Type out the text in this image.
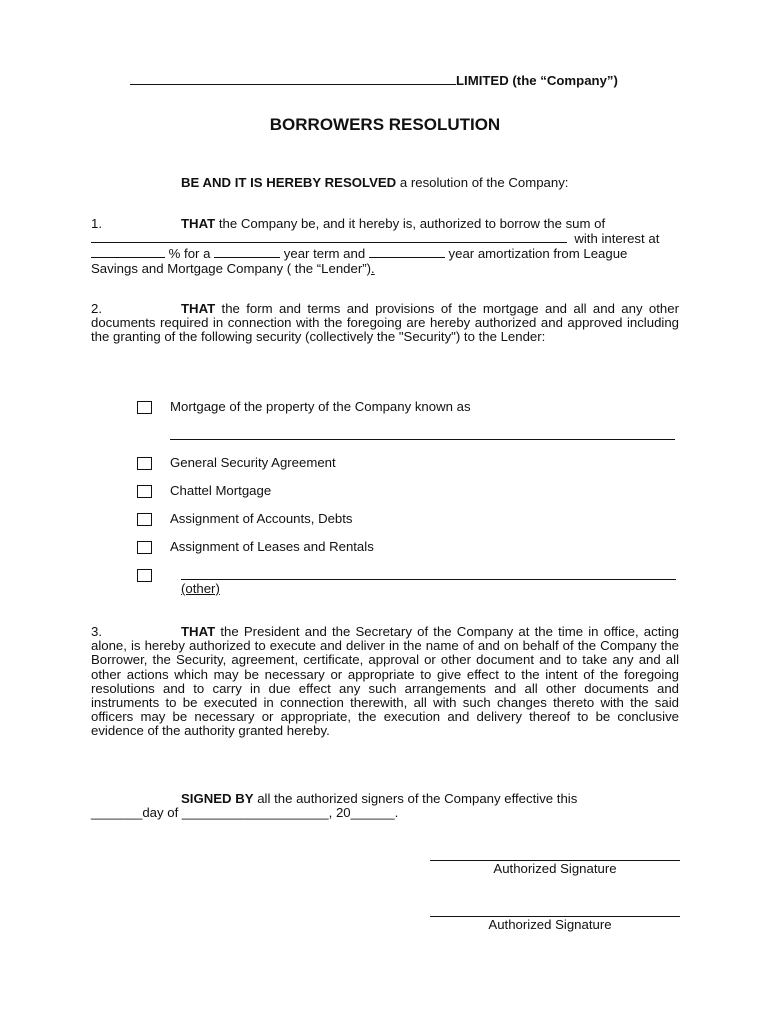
LIMITED (the “Company”)
BORROWERS RESOLUTION
BE AND IT IS HEREBY RESOLVED a resolution of the Company:
1.	THAT the Company be, and it hereby is, authorized to borrow the sum of
with interest at
% for a	year term and	year amortization from League
Savings and Mortgage Company ( the “Lender”).
2.	THAT the form and terms and provisions of the mortgage and all and any other documents required in connection with the foregoing are hereby authorized and approved including the granting of the following security (collectively the "Security") to the Lender:
Mortgage of the property of the Company known as
General Security Agreement
Chattel Mortgage
Assignment of Accounts, Debts
Assignment of Leases and Rentals
(other)
3.	THAT the President and the Secretary of the Company at the time in office, acting alone, is hereby authorized to execute and deliver in the name of and on behalf of the Company the Borrower, the Security, agreement, certificate, approval or other document and to take any and all other actions which may be necessary or appropriate to give effect to the intent of the foregoing resolutions and to carry in due effect any such arrangements and all other documents and instruments to be executed in connection therewith, all with such changes thereto with the said officers may be necessary or appropriate, the execution and delivery thereof to be conclusive evidence of the authority granted hereby.
SIGNED BY all the authorized signers of the Company effective this
_______day of ____________________, 20______.
Authorized Signature
Authorized Signature
